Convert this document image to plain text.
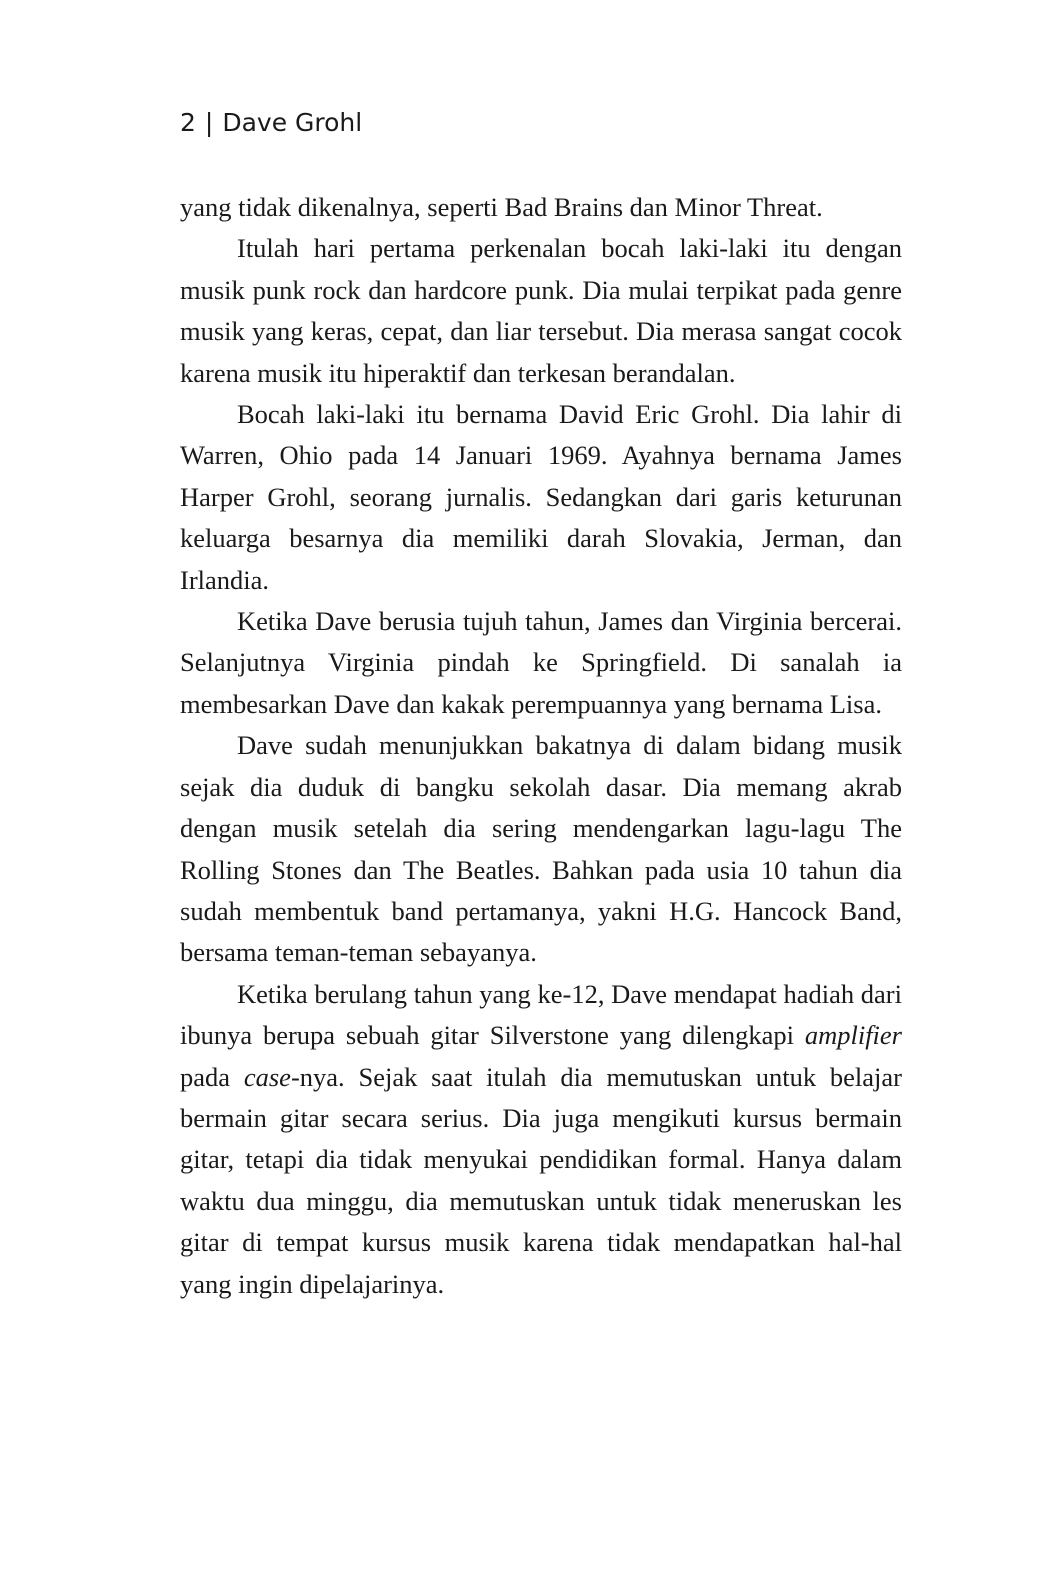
2 | Dave Grohl

yang tidak dikenalnya, seperti Bad Brains dan Minor Threat.

Itulah hari pertama perkenalan bocah laki-laki itu dengan musik punk rock dan hardcore punk. Dia mulai terpikat pada genre musik yang keras, cepat, dan liar tersebut. Dia merasa sangat cocok karena musik itu hiperaktif dan terkesan berandalan.

Bocah laki-laki itu bernama David Eric Grohl. Dia lahir di Warren, Ohio pada 14 Januari 1969. Ayahnya bernama James Harper Grohl, seorang jurnalis. Sedangkan dari garis keturunan keluarga besarnya dia memiliki darah Slovakia, Jerman, dan Irlandia.

Ketika Dave berusia tujuh tahun, James dan Virginia bercerai. Selanjutnya Virginia pindah ke Springfield. Di sanalah ia membesarkan Dave dan kakak perempuannya yang bernama Lisa.

Dave sudah menunjukkan bakatnya di dalam bidang musik sejak dia duduk di bangku sekolah dasar. Dia memang akrab dengan musik setelah dia sering mendengarkan lagu-lagu The Rolling Stones dan The Beatles. Bahkan pada usia 10 tahun dia sudah membentuk band pertamanya, yakni H.G. Hancock Band, bersama teman-teman sebayanya.

Ketika berulang tahun yang ke-12, Dave mendapat hadiah dari ibunya berupa sebuah gitar Silverstone yang dilengkapi amplifier pada case-nya. Sejak saat itulah dia memutuskan untuk belajar bermain gitar secara serius. Dia juga mengikuti kursus bermain gitar, tetapi dia tidak menyukai pendidikan formal. Hanya dalam waktu dua minggu, dia memutuskan untuk tidak meneruskan les gitar di tempat kursus musik karena tidak mendapatkan hal-hal yang ingin dipelajarinya.
